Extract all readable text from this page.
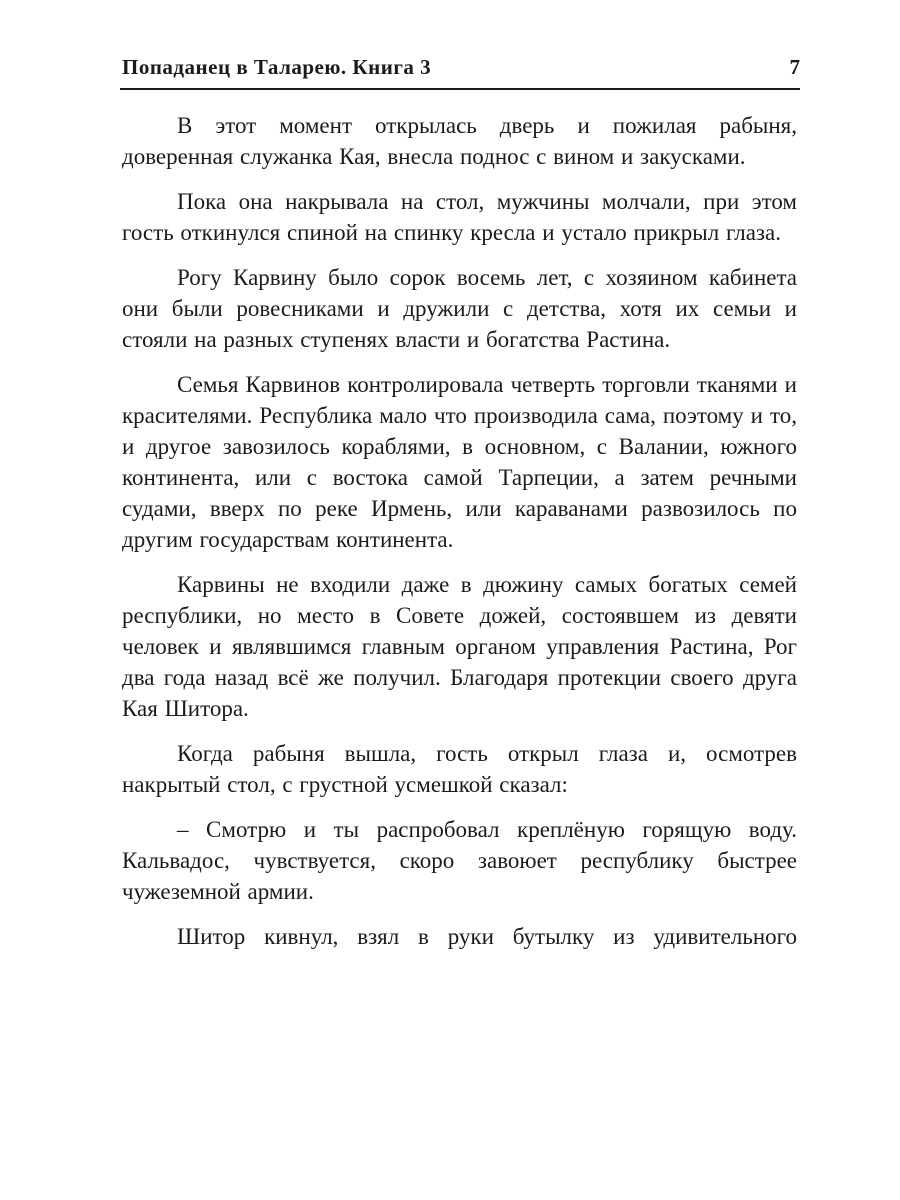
Попаданец в Таларею. Книга 3	7

В этот момент открылась дверь и пожилая рабыня, доверенная служанка Кая, внесла поднос с вином и закусками.

Пока она накрывала на стол, мужчины молчали, при этом гость откинулся спиной на спинку кресла и устало прикрыл глаза.

Рогу Карвину было сорок восемь лет, с хозяином кабинета они были ровесниками и дружили с детства, хотя их семьи и стояли на разных ступенях власти и богатства Растина.

Семья Карвинов контролировала четверть торговли тканями и красителями. Республика мало что производила сама, поэтому и то, и другое завозилось кораблями, в основном, с Валании, южного континента, или с востока самой Тарпеции, а затем речными судами, вверх по реке Ирмень, или караванами развозилось по другим государствам континента.

Карвины не входили даже в дюжину самых богатых семей республики, но место в Совете дожей, состоявшем из девяти человек и являвшимся главным органом управления Растина, Рог два года назад всё же получил. Благодаря протекции своего друга Кая Шитора.

Когда рабыня вышла, гость открыл глаза и, осмотрев накрытый стол, с грустной усмешкой сказал:

– Смотрю и ты распробовал креплёную горящую воду. Кальвадос, чувствуется, скоро завоюет республику быстрее чужеземной армии.

Шитор кивнул, взял в руки бутылку из удивительного
